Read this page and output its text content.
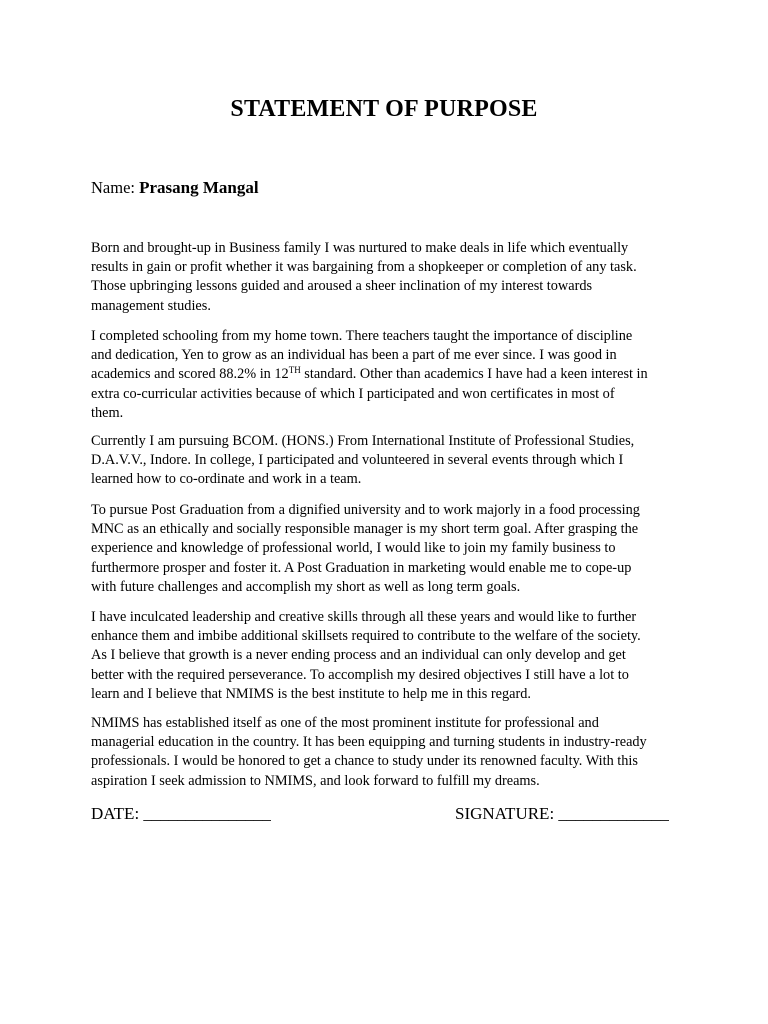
STATEMENT OF PURPOSE
Name: Prasang Mangal

Born and brought-up in Business family I was nurtured to make deals in life which eventually
results in gain or profit whether it was bargaining from a shopkeeper or completion of any task.
Those upbringing lessons guided and aroused a sheer inclination of my interest towards
management studies.

I completed schooling from my home town. There teachers taught the importance of discipline
and dedication, Yen to grow as an individual has been a part of me ever since. I was good in
academics and scored 88.2% in 12TH standard. Other than academics I have had a keen interest in
extra co-curricular activities because of which I participated and won certificates in most of
them.

Currently I am pursuing BCOM. (HONS.) From International Institute of Professional Studies,
D.A.V.V., Indore. In college, I participated and volunteered in several events through which I
learned how to co-ordinate and work in a team.

To pursue Post Graduation from a dignified university and to work majorly in a food processing
MNC as an ethically and socially responsible manager is my short term goal. After grasping the
experience and knowledge of professional world, I would like to join my family business to
furthermore prosper and foster it. A Post Graduation in marketing would enable me to cope-up
with future challenges and accomplish my short as well as long term goals.

I have inculcated leadership and creative skills through all these years and would like to further
enhance them and imbibe additional skillsets required to contribute to the welfare of the society.
As I believe that growth is a never ending process and an individual can only develop and get
better with the required perseverance. To accomplish my desired objectives I still have a lot to
learn and I believe that NMIMS is the best institute to help me in this regard.

NMIMS has established itself as one of the most prominent institute for professional and
managerial education in the country. It has been equipping and turning students in industry-ready
professionals. I would be honored to get a chance to study under its renowned faculty. With this
aspiration I seek admission to NMIMS, and look forward to fulfill my dreams.

DATE: _______________	SIGNATURE: _____________
